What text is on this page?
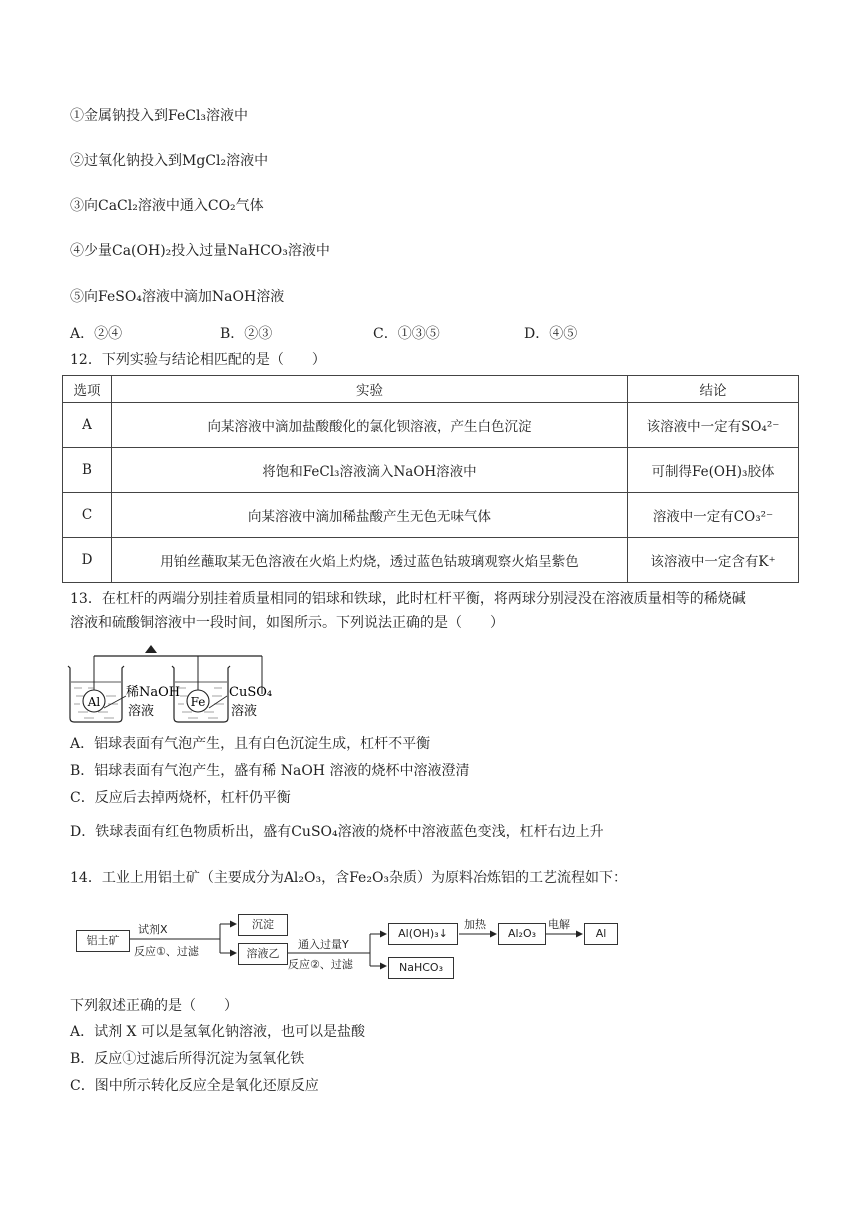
①金属钠投入到FeCl₃溶液中
②过氧化钠投入到MgCl₂溶液中
③向CaCl₂溶液中通入CO₂气体
④少量Ca(OH)₂投入过量NaHCO₃溶液中
⑤向FeSO₄溶液中滴加NaOH溶液
A．②④	B．②③	C．①③⑤	D．④⑤
12．下列实验与结论相匹配的是（　　）
选项	实验	结论
A	向某溶液中滴加盐酸酸化的氯化钡溶液，产生白色沉淀	该溶液中一定有SO₄²⁻
B	将饱和FeCl₃溶液滴入NaOH溶液中	可制得Fe(OH)₃胶体
C	向某溶液中滴加稀盐酸产生无色无味气体	溶液中一定有CO₃²⁻
D	用铂丝蘸取某无色溶液在火焰上灼烧，透过蓝色钴玻璃观察火焰呈紫色	该溶液中一定含有K⁺
13．在杠杆的两端分别挂着质量相同的铝球和铁球，此时杠杆平衡，将两球分别浸没在溶液质量相等的稀烧碱
溶液和硫酸铜溶液中一段时间，如图所示。下列说法正确的是（　　）
Al	Fe
稀NaOH
溶液
CuSO₄
溶液
A．铝球表面有气泡产生，且有白色沉淀生成，杠杆不平衡
B．铝球表面有气泡产生，盛有稀 NaOH 溶液的烧杯中溶液澄清
C．反应后去掉两烧杯，杠杆仍平衡
D．铁球表面有红色物质析出，盛有CuSO₄溶液的烧杯中溶液蓝色变浅，杠杆右边上升
14．工业上用铝土矿（主要成分为Al₂O₃，含Fe₂O₃杂质）为原料冶炼铝的工艺流程如下：
铝土矿
试剂X
反应①、过滤
沉淀
溶液乙
通入过量Y
反应②、过滤
Al(OH)₃↓
NaHCO₃
加热
Al₂O₃
电解
Al
下列叙述正确的是（　　）
A．试剂 X 可以是氢氧化钠溶液，也可以是盐酸
B．反应①过滤后所得沉淀为氢氧化铁
C．图中所示转化反应全是氧化还原反应
